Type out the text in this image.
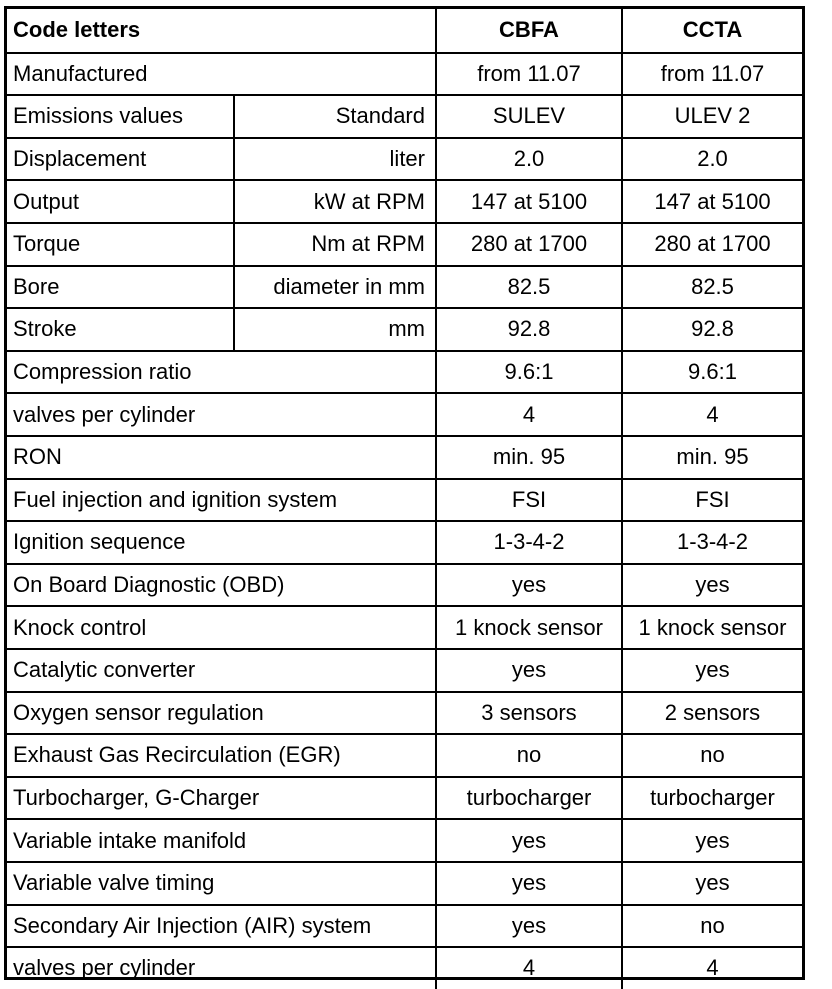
Code letters	CBFA	CCTA
Manufactured	from 11.07	from 11.07
Emissions values	Standard	SULEV	ULEV 2
Displacement	liter	2.0	2.0
Output	kW at RPM	147 at 5100	147 at 5100
Torque	Nm at RPM	280 at 1700	280 at 1700
Bore	diameter in mm	82.5	82.5
Stroke	mm	92.8	92.8
Compression ratio	9.6:1	9.6:1
valves per cylinder	4	4
RON	min. 95	min. 95
Fuel injection and ignition system	FSI	FSI
Ignition sequence	1-3-4-2	1-3-4-2
On Board Diagnostic (OBD)	yes	yes
Knock control	1 knock sensor	1 knock sensor
Catalytic converter	yes	yes
Oxygen sensor regulation	3 sensors	2 sensors
Exhaust Gas Recirculation (EGR)	no	no
Turbocharger, G-Charger	turbocharger	turbocharger
Variable intake manifold	yes	yes
Variable valve timing	yes	yes
Secondary Air Injection (AIR) system	yes	no
valves per cylinder	4	4
